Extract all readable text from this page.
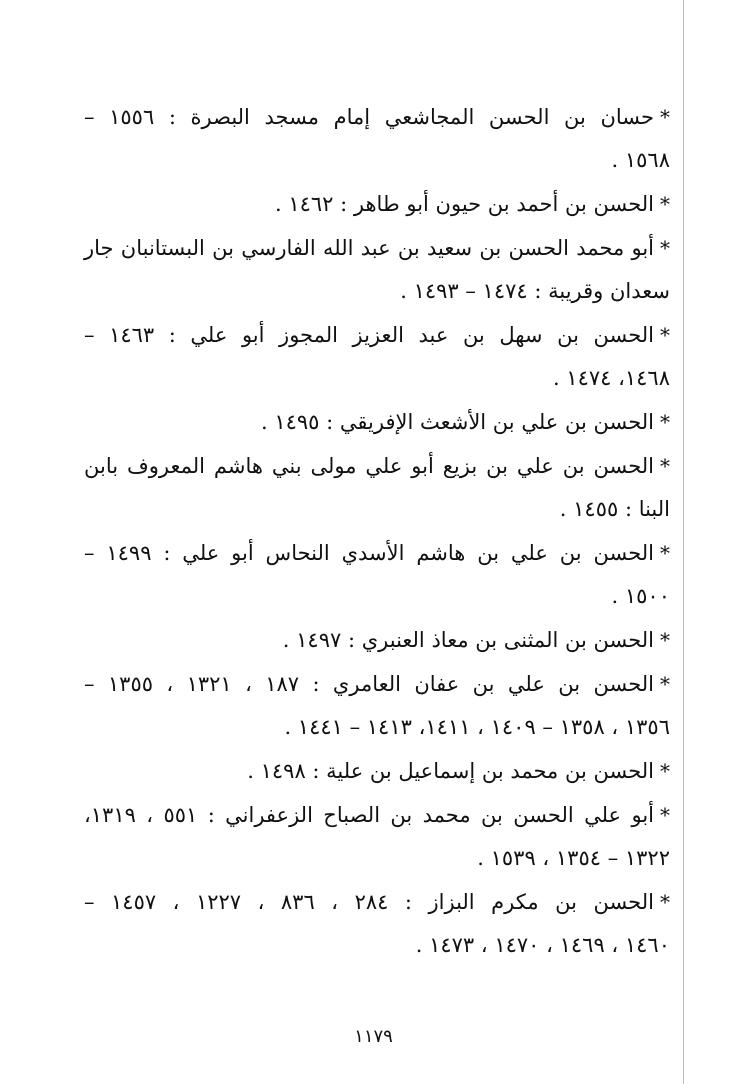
*حسان بن الحسن المجاشعي إمام مسجد البصرة : ١٥٥٦ –
١٥٦٨ .
*الحسن بن أحمد بن حيون أبو طاهر : ١٤٦٢ .
*أبو محمد الحسن بن سعيد بن عبد الله الفارسي بن البستانبان جار
سعدان وقريبة : ١٤٧٤ – ١٤٩٣ .
*الحسن بن سهل بن عبد العزيز المجوز أبو علي : ١٤٦٣ –
١٤٦٨، ١٤٧٤ .
*الحسن بن علي بن الأشعث الإفريقي : ١٤٩٥ .
*الحسن بن علي بن بزيع أبو علي مولى بني هاشم المعروف بابن
البنا : ١٤٥٥ .
*الحسن بن علي بن هاشم الأسدي النحاس أبو علي : ١٤٩٩ –
١٥٠٠ .
*الحسن بن المثنى بن معاذ العنبري : ١٤٩٧ .
*الحسن بن علي بن عفان العامري : ١٨٧ ، ١٣٢١ ، ١٣٥٥ –
١٣٥٦ ، ١٣٥٨ – ١٤٠٩ ، ١٤١١، ١٤١٣ – ١٤٤١ .
*الحسن بن محمد بن إسماعيل بن علية : ١٤٩٨ .
*أبو علي الحسن بن محمد بن الصباح الزعفراني : ٥٥١ ، ١٣١٩،
١٣٢٢ – ١٣٥٤ ، ١٥٣٩ .
*الحسن بن مكرم البزاز : ٢٨٤ ، ٨٣٦ ، ١٢٢٧ ، ١٤٥٧ –
١٤٦٠ ، ١٤٦٩ ، ١٤٧٠ ، ١٤٧٣ .
١١٧٩
